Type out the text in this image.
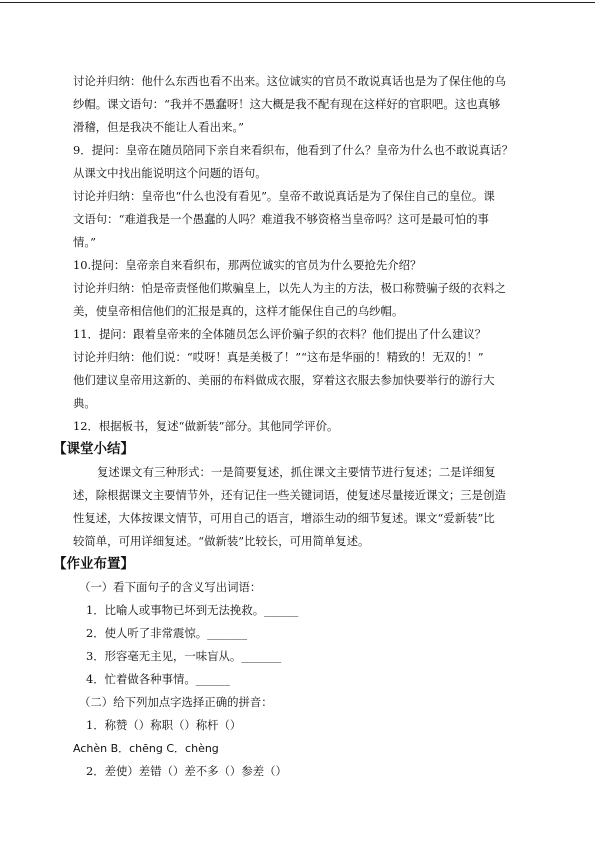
讨论并归纳：他什么东西也看不出来。这位诚实的官员不敢说真话也是为了保住他的乌
纱帽。课文语句：“我并不愚蠢呀！这大概是我不配有现在这样好的官职吧。这也真够
滑稽，但是我决不能让人看出来。”
9．提问：皇帝在随员陪同下亲自来看织布，他看到了什么？皇帝为什么也不敢说真话？
从课文中找出能说明这个问题的语句。
讨论并归纳：皇帝也“什么也没有看见”。皇帝不敢说真话是为了保住自己的皇位。课
文语句：“难道我是一个愚蠢的人吗？难道我不够资格当皇帝吗？这可是最可怕的事
情。”
10.提问：皇帝亲自来看织布，那两位诚实的官员为什么要抢先介绍？
讨论并归纳：怕是帝责怪他们欺骗皇上，以先人为主的方法，极口称赞骗子级的衣料之
美，使皇帝相信他们的汇报是真的，这样才能保住自己的乌纱帽。
11．提问：跟着皇帝来的全体随员怎么评价骗子织的衣料？他们提出了什么建议？
讨论并归纳：他们说：“哎呀！真是美极了！”“这布是华丽的！精致的！无双的！”
他们建议皇帝用这新的、美丽的布料做成衣服，穿着这衣服去参加快要举行的游行大
典。
12．根据板书，复述“做新装”部分。其他同学评价。
【课堂小结】
复述课文有三种形式：一是简要复述，抓住课文主要情节进行复述；二是详细复
述，除根据课文主要情节外，还有记住一些关键词语，使复述尽量接近课文；三是创造
性复述，大体按课文情节，可用自己的语言，增添生动的细节复述。课文“爱新装”比
较简单，可用详细复述。“做新装”比较长，可用简单复述。
【作业布置】
（一）看下面句子的含义写出词语：
1．比喻人或事物已坏到无法挽救。______
2．使人听了非常震惊。_______
3．形容毫无主见，一味盲从。_______
4．忙着做各种事情。______
（二）给下列加点字选择正确的拼音：
1．称赞（）称职（）称杆（）
Achèn B．chēng C．chèng
2．差使）差错（）差不多（）参差（）
